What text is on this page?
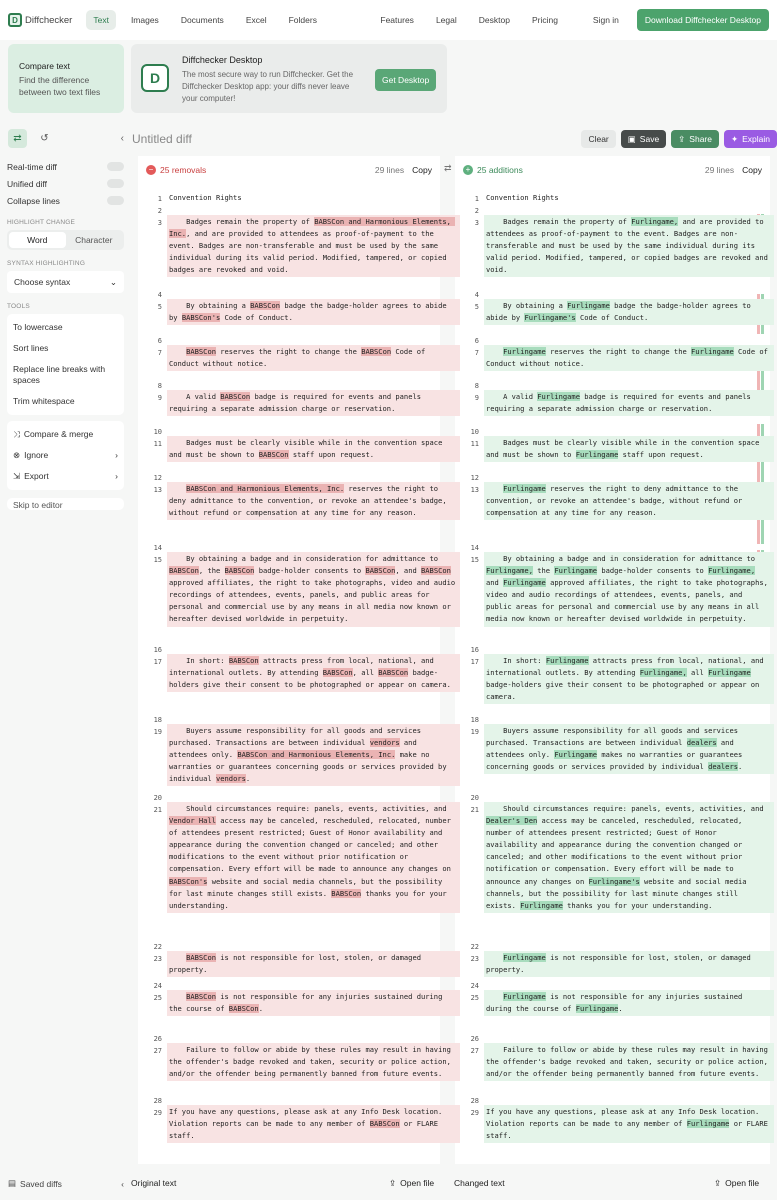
D Diffchecker	Text	Images	Documents	Excel	Folders	Features	Legal	Desktop	Pricing	Sign in	Download Diffchecker Desktop
Compare text
Find the difference between two text files
D
Diffchecker Desktop
The most secure way to run Diffchecker. Get the Diffchecker Desktop app: your diffs never leave your computer!
Get Desktop
⇄	↺	‹
Real-time diff
Unified diff
Collapse lines
HIGHLIGHT CHANGE
Word	Character
SYNTAX HIGHLIGHTING
Choose syntax	⌄
TOOLS
To lowercase
Sort lines
Replace line breaks with spaces
Trim whitespace
⤨ Compare & merge
⊗ Ignore	›
⇲ Export	›
Skip to editor
▤ Saved diffs	‹
Untitled diff	Clear	▣ Save ⇪ Share ✦ Explain
− 25 removals	29 lines Copy ⇄	+ 25 additions	29 lines Copy
1 Convention Rights
2
3 Badges remain the property of BABSCon and Harmonious Elements, Inc., and are provided to attendees as proof-of-payment to the event. Badges are non-transferable and must be used by the same individual during its valid period. Modified, tampered, or copied badges are revoked and void.
4
5 By obtaining a BABSCon badge the badge-holder agrees to abide by BABSCon's Code of Conduct.
6
7	BABSCon reserves the right to change the BABSCon Code of Conduct without notice.
8
9 A valid BABSCon badge is required for events and panels requiring a separate admission charge or reservation.
10
11 Badges must be clearly visible while in the convention space and must be shown to BABSCon staff upon request.
12
13	BABSCon and Harmonious Elements, Inc. reserves the right to deny admittance to the convention, or revoke an attendee's badge, without refund or compensation at any time for any reason.
14
15 By obtaining a badge and in consideration for admittance to BABSCon, the BABSCon badge-holder consents to BABSCon, and BABSCon approved affiliates, the right to take photographs, video and audio recordings of attendees, events, panels, and public areas for personal and commercial use by any means in all media now known or hereafter devised worldwide in perpetuity.
16
17 In short: BABSCon attracts press from local, national, and international outlets. By attending BABSCon, all BABSCon badge-holders give their consent to be photographed or appear on camera.
18
19 Buyers assume responsibility for all goods and services purchased. Transactions are between individual vendors and attendees only. BABSCon and Harmonious Elements, Inc. make no warranties or guarantees concerning goods or services provided by individual vendors.
20
21 Should circumstances require: panels, events, activities, and Vendor Hall access may be canceled, rescheduled, relocated, number of attendees present restricted; Guest of Honor availability and appearance during the convention changed or canceled; and other modifications to the event without prior notification or compensation. Every effort will be made to announce any changes on BABSCon's website and social media channels, but the possibility for last minute changes still exists. BABSCon thanks you for your understanding.
22
23	BABSCon is not responsible for lost, stolen, or damaged property.
24
25	BABSCon is not responsible for any injuries sustained during the course of BABSCon.
26
27 Failure to follow or abide by these rules may result in having the offender's badge revoked and taken, security or police action, and/or the offender being permanently banned from future events.
28
29 If you have any questions, please ask at any Info Desk location. Violation reports can be made to any member of BABSCon or FLARE staff.
1 Convention Rights
2
3 Badges remain the property of Furlingame, and are provided to attendees as proof-of-payment to the event. Badges are non-transferable and must be used by the same individual during its valid period. Modified, tampered, or copied badges are revoked and void.
4
5 By obtaining a Furlingame badge the badge-holder agrees to abide by Furlingame's Code of Conduct.
6
7	Furlingame reserves the right to change the Furlingame Code of Conduct without notice.
8
9 A valid Furlingame badge is required for events and panels requiring a separate admission charge or reservation.
10
11 Badges must be clearly visible while in the convention space and must be shown to Furlingame staff upon request.
12
13	Furlingame reserves the right to deny admittance to the convention, or revoke an attendee's badge, without refund or compensation at any time for any reason.
14
15 By obtaining a badge and in consideration for admittance to Furlingame, the Furlingame badge-holder consents to Furlingame, and Furlingame approved affiliates, the right to take photographs, video and audio recordings of attendees, events, panels, and public areas for personal and commercial use by any means in all media now known or hereafter devised worldwide in perpetuity.
16
17 In short: Furlingame attracts press from local, national, and international outlets. By attending Furlingame, all Furlingame badge-holders give their consent to be photographed or appear on camera.
18
19 Buyers assume responsibility for all goods and services purchased. Transactions are between individual dealers and attendees only. Furlingame makes no warranties or guarantees concerning goods or services provided by individual dealers.
20
21 Should circumstances require: panels, events, activities, and Dealer's Den access may be canceled, rescheduled, relocated, number of attendees present restricted; Guest of Honor availability and appearance during the convention changed or canceled; and other modifications to the event without prior notification or compensation. Every effort will be made to announce any changes on Furlingame's website and social media channels, but the possibility for last minute changes still exists. Furlingame thanks you for your understanding.
22
23	Furlingame is not responsible for lost, stolen, or damaged property.
24
25	Furlingame is not responsible for any injuries sustained during the course of Furlingame.
26
27 Failure to follow or abide by these rules may result in having the offender's badge revoked and taken, security or police action, and/or the offender being permanently banned from future events.
28
29 If you have any questions, please ask at any Info Desk location. Violation reports can be made to any member of Furlingame or FLARE staff.
Original text	⇪ Open file Changed text	⇪ Open file
